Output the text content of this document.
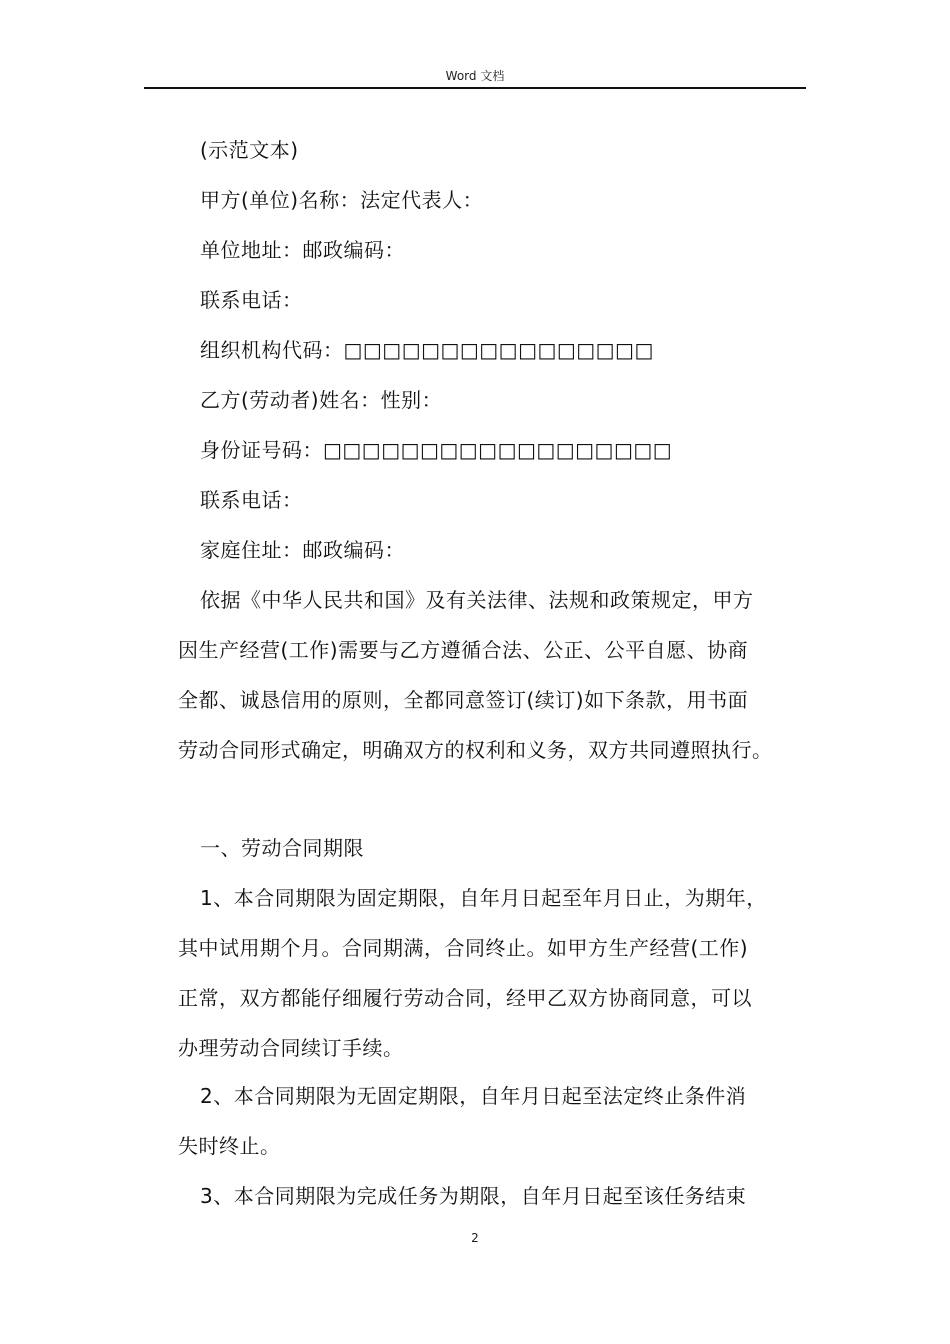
Word 文档
(示范文本)
甲方(单位)名称：法定代表人：
单位地址：邮政编码：
联系电话：
组织机构代码：□□□□□□□□□□□□□□□□
乙方(劳动者)姓名：性别：
身份证号码：□□□□□□□□□□□□□□□□□□
联系电话：
家庭住址：邮政编码：
依据《中华人民共和国》及有关法律、法规和政策规定，甲方
因生产经营(工作)需要与乙方遵循合法、公正、公平自愿、协商
全都、诚恳信用的原则，全都同意签订(续订)如下条款，用书面
劳动合同形式确定，明确双方的权利和义务，双方共同遵照执行。
一、劳动合同期限
1、本合同期限为固定期限，自年月日起至年月日止，为期年，
其中试用期个月。合同期满，合同终止。如甲方生产经营(工作)
正常，双方都能仔细履行劳动合同，经甲乙双方协商同意，可以
办理劳动合同续订手续。
2、本合同期限为无固定期限，自年月日起至法定终止条件消
失时终止。
3、本合同期限为完成任务为期限，自年月日起至该任务结束
2
